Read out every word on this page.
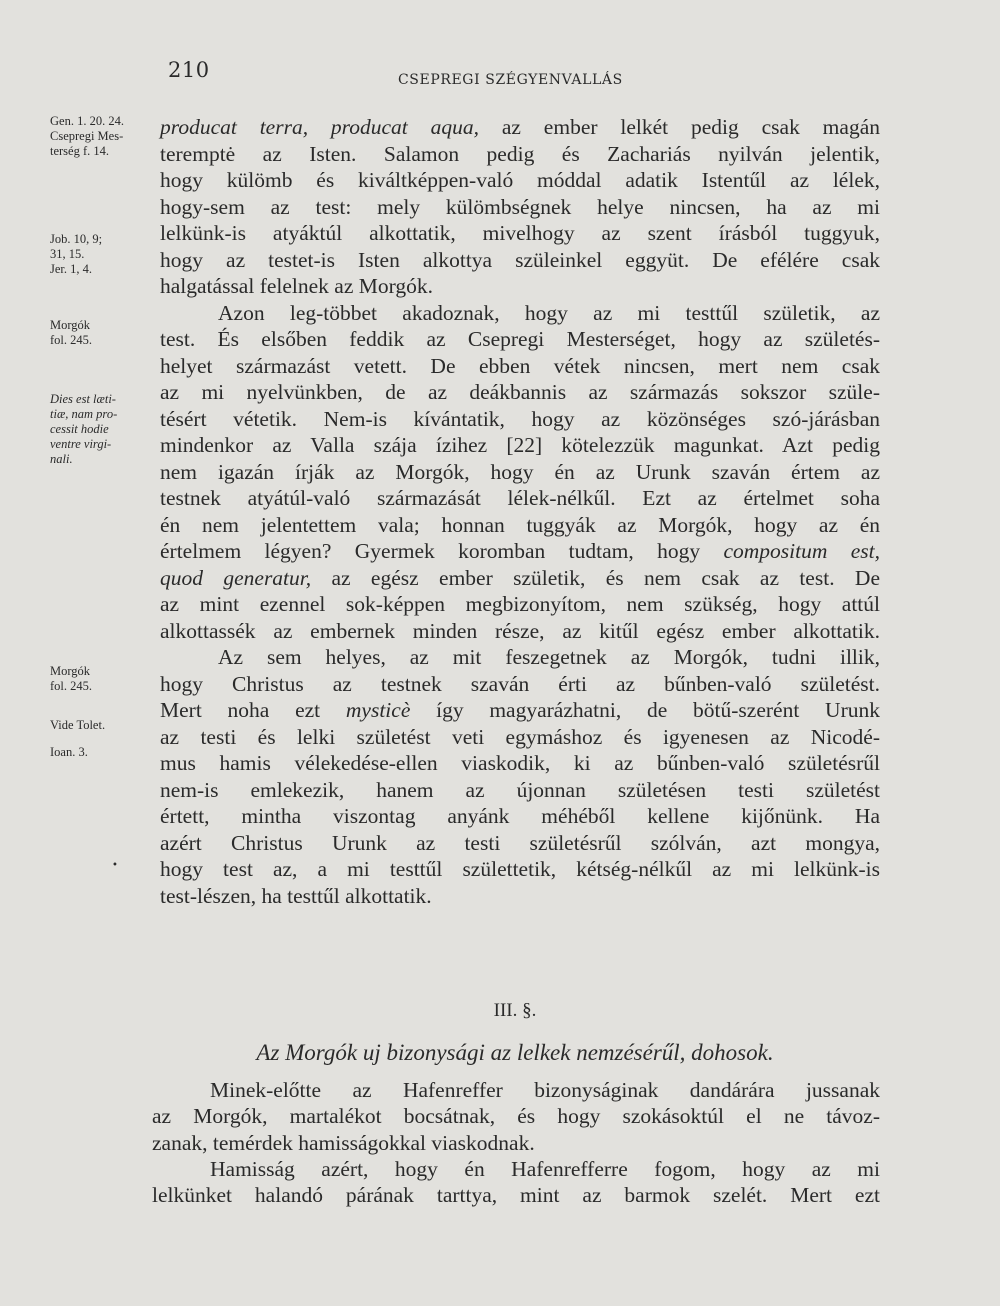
210	CSEPREGI SZÉGYENVALLÁS
Gen. 1. 20. 24.
Csepregi Mes-
terség f. 14.
Job. 10, 9;
31, 15.
Jer. 1, 4.
Morgók
fol. 245.
Dies est læti-
tiæ, nam pro-
cessit hodie
ventre virgi-
nali.
Morgók
fol. 245.
Vide Tolet.
Ioan. 3.
producat terra, producat aqua, az ember lelkét pedig csak magán
teremptė az Isten. Salamon pedig és Zachariás nyilván jelentik,
hogy külömb és kiváltképpen-való móddal adatik Istentűl az lélek,
hogy-sem az test: mely külömbségnek helye nincsen, ha az mi
lelkünk-is atyáktúl alkottatik, mivelhogy az szent írásból tuggyuk,
hogy az testet-is Isten alkottya szüleinkel eggyüt. De efélére csak
halgatással felelnek az Morgók.
Azon leg-többet akadoznak, hogy az mi testtűl születik, az
test. És elsőben feddik az Csepregi Mesterséget, hogy az születés-
helyet származást vetett. De ebben vétek nincsen, mert nem csak
az mi nyelvünkben, de az deákbannis az származás sokszor szüle-
tésért vétetik. Nem-is kívántatik, hogy az közönséges szó-járásban
mindenkor az Valla szája ízihez [22] kötelezzük magunkat. Azt pedig
nem igazán írják az Morgók, hogy én az Urunk szaván értem az
testnek atyátúl-való származását lélek-nélkűl. Ezt az értelmet soha
én nem jelentettem vala; honnan tuggyák az Morgók, hogy az én
értelmem légyen? Gyermek koromban tudtam, hogy compositum est,
quod generatur, az egész ember születik, és nem csak az test. De
az mint ezennel sok-képpen megbizonyítom, nem szükség, hogy attúl
alkottassék az embernek minden része, az kitűl egész ember alkottatik.
Az sem helyes, az mit feszegetnek az Morgók, tudni illik,
hogy Christus az testnek szaván érti az bűnben-való születést.
Mert noha ezt mysticè így magyarázhatni, de bötű-szerént Urunk
az testi és lelki születést veti egymáshoz és igyenesen az Nicodé-
mus hamis vélekedése-ellen viaskodik, ki az bűnben-való születésrűl
nem-is emlekezik, hanem az újonnan születésen testi születést
értett, mintha viszontag anyánk méhéből kellene kijőnünk. Ha
azért Christus Urunk az testi születésrűl szólván, azt mongya,
hogy test az, a mi testtűl születtetik, kétség-nélkűl az mi lelkünk-is
test-lészen, ha testtűl alkottatik.
•
III. §.
Az Morgók uj bizonysági az lelkek nemzésérűl, dohosok.
Minek-előtte az Hafenreffer bizonyságinak dandárára jussanak
az Morgók, martalékot bocsátnak, és hogy szokásoktúl el ne távoz-
zanak, temérdek hamisságokkal viaskodnak.
Hamisság azért, hogy én Hafenrefferre fogom, hogy az mi
lelkünket halandó párának tarttya, mint az barmok szelét. Mert ezt
